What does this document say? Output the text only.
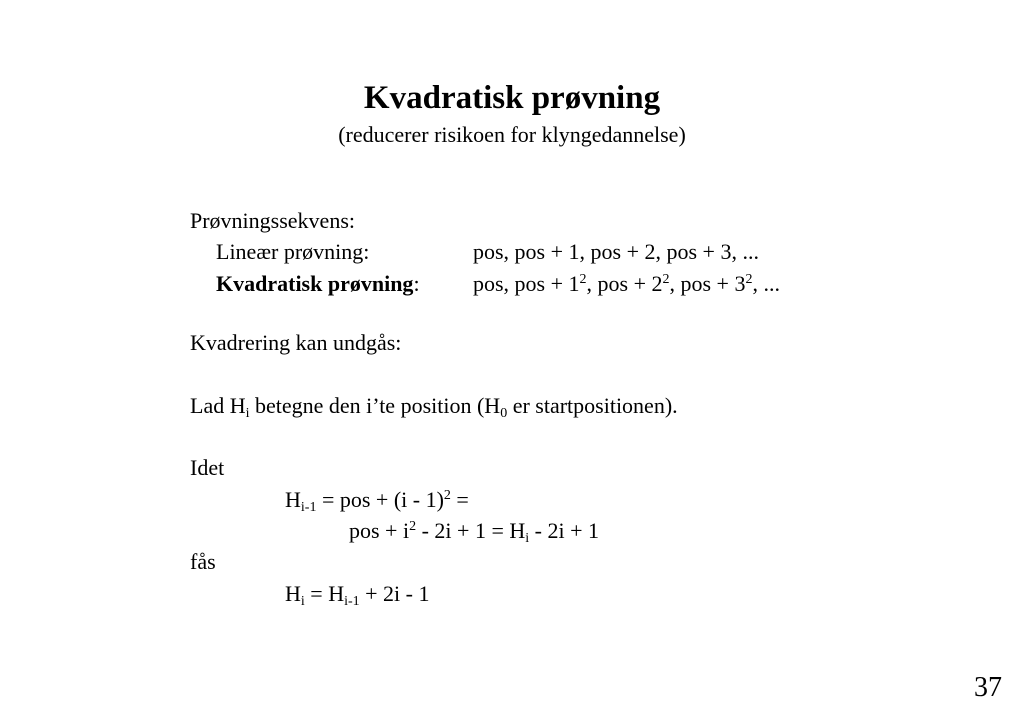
Kvadratisk prøvning
(reducerer risikoen for klyngedannelse)
Prøvningssekvens:
Lineær prøvning:	pos, pos + 1, pos + 2, pos + 3, ...
Kvadratisk prøvning: pos, pos + $1^2$, pos + $2^2$, pos + $3^2$, ...
Kvadrering kan undgås:
Lad $H_i$ betegne den i’te position ($H_0$ er startpositionen).
Idet
$H_{i-1}$ = pos + (i - 1)$^2$ =
pos + $i^2 - 2i + 1 = H_i - 2i + 1$
fås
$H_i = H_{i-1} + 2i - 1$
37
